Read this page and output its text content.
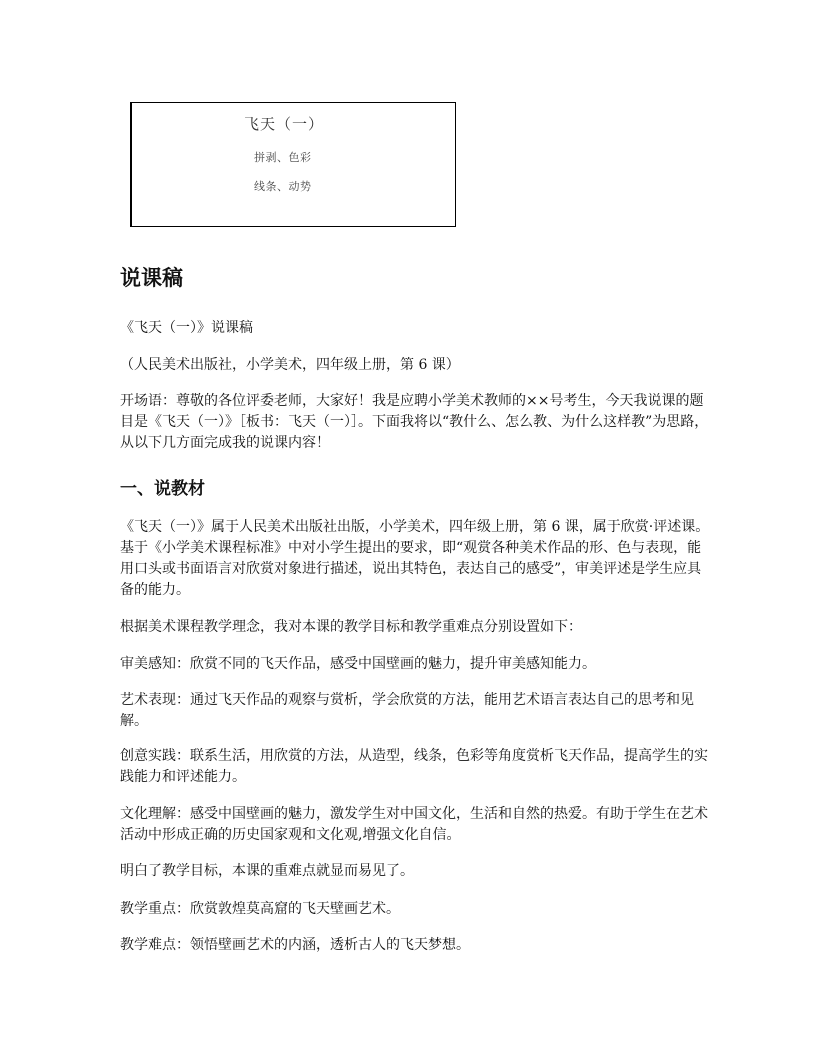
飞天（一）
拼剥、色彩
线条、动势
说课稿
《飞天（一）》说课稿
（人民美术出版社，小学美术，四年级上册，第 6 课）
开场语：尊敬的各位评委老师，大家好！我是应聘小学美术教师的××号考生，今天我说课的题目是《飞天（一）》［板书：飞天（一）］。下面我将以“教什么、怎么教、为什么这样教”为思路，从以下几方面完成我的说课内容！
一、说教材
《飞天（一）》属于人民美术出版社出版，小学美术，四年级上册，第 6 课，属于欣赏·评述课。基于《小学美术课程标准》中对小学生提出的要求，即“观赏各种美术作品的形、色与表现，能用口头或书面语言对欣赏对象进行描述，说出其特色，表达自己的感受”，审美评述是学生应具备的能力。
根据美术课程教学理念，我对本课的教学目标和教学重难点分别设置如下：
审美感知：欣赏不同的飞天作品，感受中国壁画的魅力，提升审美感知能力。
艺术表现：通过飞天作品的观察与赏析，学会欣赏的方法，能用艺术语言表达自己的思考和见解。
创意实践：联系生活，用欣赏的方法，从造型，线条，色彩等角度赏析飞天作品，提高学生的实践能力和评述能力。
文化理解：感受中国壁画的魅力，激发学生对中国文化，生活和自然的热爱。有助于学生在艺术活动中形成正确的历史国家观和文化观,增强文化自信。
明白了教学目标，本课的重难点就显而易见了。
教学重点：欣赏敦煌莫高窟的飞天壁画艺术。
教学难点：领悟壁画艺术的内涵，透析古人的飞天梦想。
